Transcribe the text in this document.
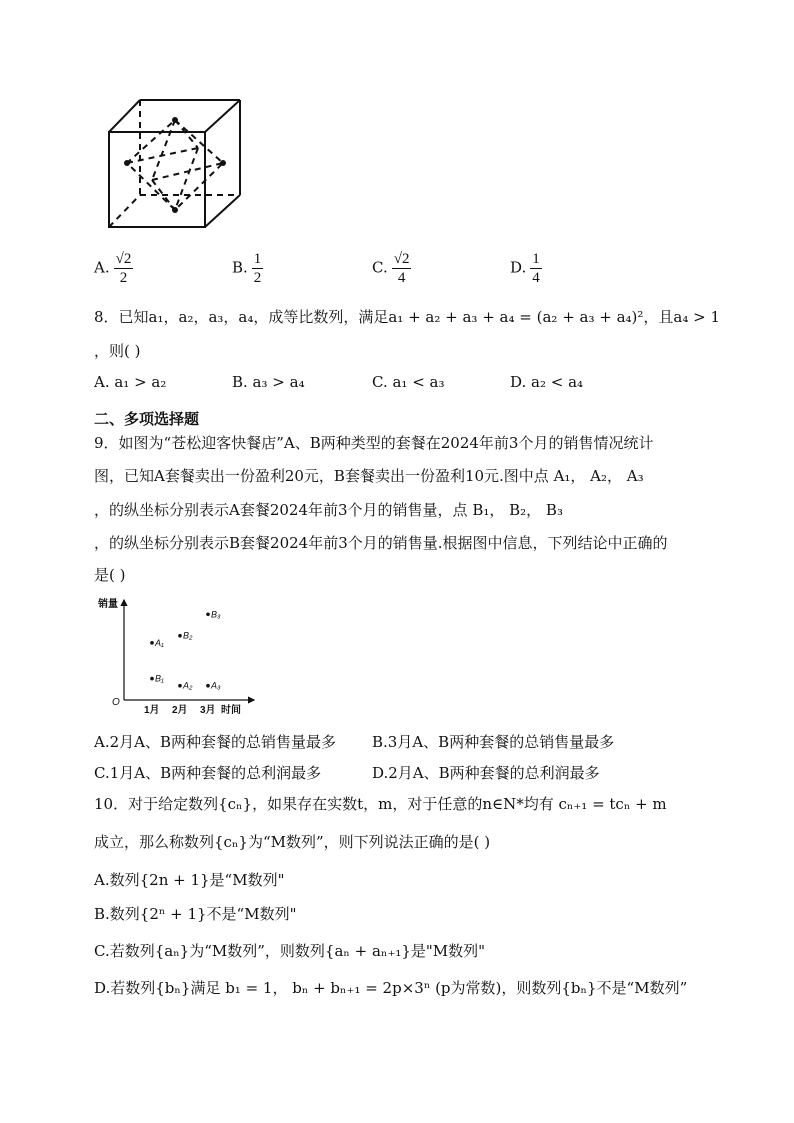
A. $\frac{√2}{2}$	B. $\frac{1}{2}$	C. $\frac{√2}{4}$	D. $\frac{1}{4}$
8．已知a₁，a₂，a₃，a₄，成等比数列，满足a₁ + a₂ + a₃ + a₄ = (a₂ + a₃ + a₄)²，且a₄ > 1
，则( )
A. a₁ > a₂	B. a₃ > a₄	C. a₁ < a₃	D. a₂ < a₄
二、多项选择题
9．如图为“苍松迎客快餐店”A、B两种类型的套餐在2024年前3个月的销售情况统计
图，已知A套餐卖出一份盈利20元，B套餐卖出一份盈利10元.图中点 A₁， A₂， A₃
，的纵坐标分别表示A套餐2024年前3个月的销售量，点 B₁， B₂， B₃
，的纵坐标分别表示B套餐2024年前3个月的销售量.根据图中信息，下列结论中正确的
是( )
销量
O
时间
1月 2月 3月
A₁
A₂ A₃
B₁
B₂
B₃
A.2月A、B两种套餐的总销售量最多 B.3月A、B两种套餐的总销售量最多
C.1月A、B两种套餐的总利润最多	D.2月A、B两种套餐的总利润最多
10．对于给定数列{cₙ}，如果存在实数t，m，对于任意的n∈N*均有 cₙ₊₁ = tcₙ + m
成立，那么称数列{cₙ}为“M数列”，则下列说法正确的是( )
A.数列{2n + 1}是“M数列"
B.数列{2ⁿ + 1}不是“M数列"
C.若数列{aₙ}为“M数列”，则数列{aₙ + aₙ₊₁}是"M数列"
D.若数列{bₙ}满足 b₁ = 1， bₙ + bₙ₊₁ = 2p×3ⁿ (p为常数)，则数列{bₙ}不是“M数列”
